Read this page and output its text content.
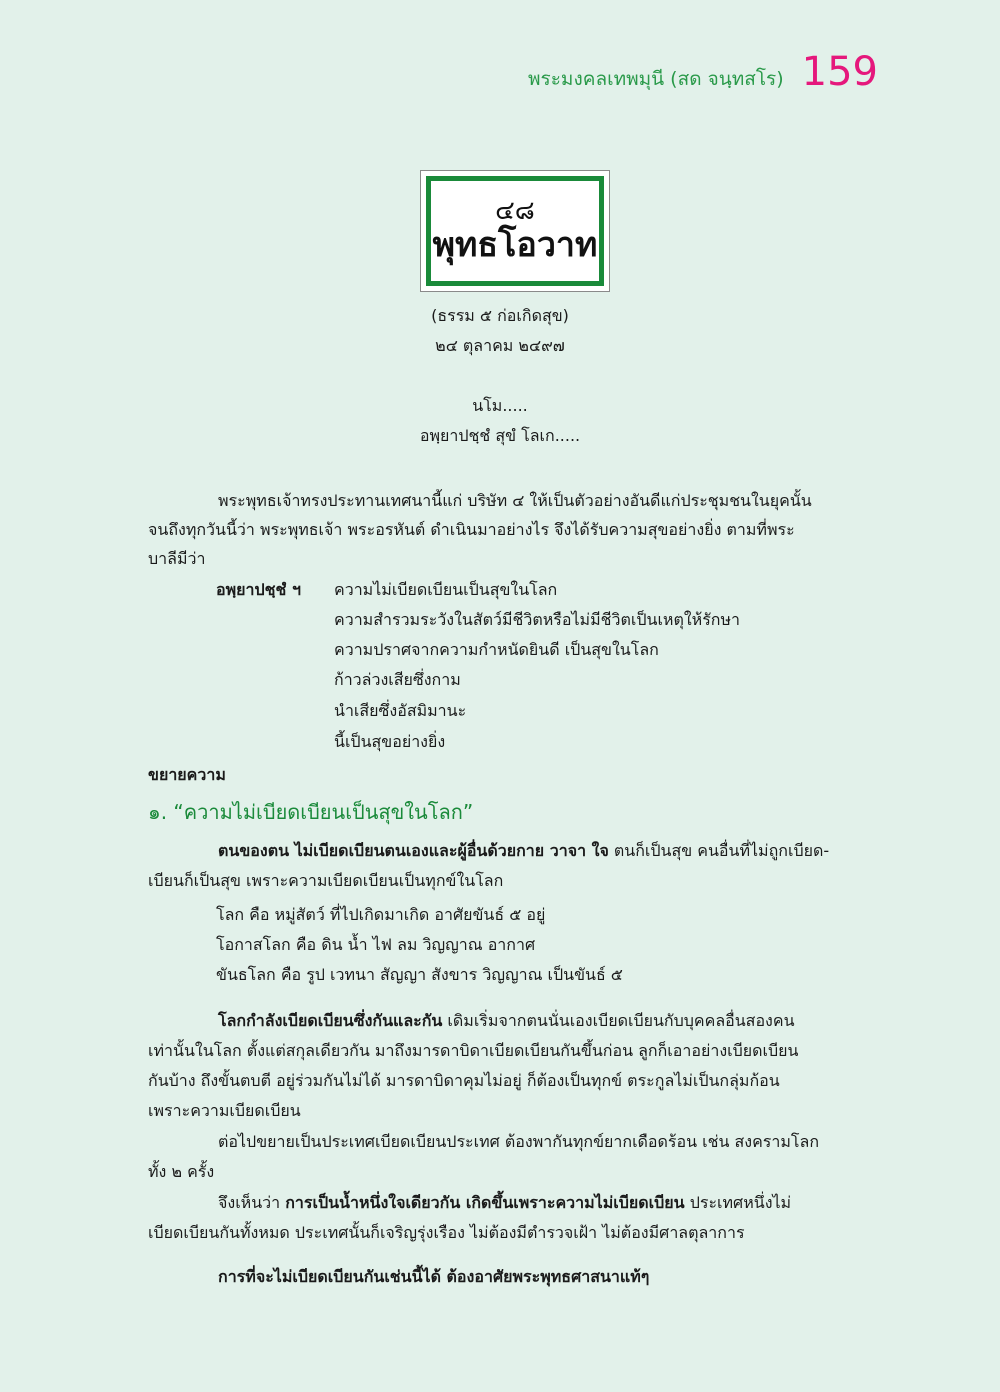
พระมงคลเทพมุนี (สด จนฺทสโร) 159
๔๘
พุทธโอวาท
(ธรรม ๕ ก่อเกิดสุข)
๒๔ ตุลาคม ๒๔๙๗
นโม.....
อพฺยาปชฺชํ สุขํ โลเก.....
พระพุทธเจ้าทรงประทานเทศนานี้แก่ บริษัท ๔ ให้เป็นตัวอย่างอันดีแก่ประชุมชนในยุคนั้น
จนถึงทุกวันนี้ว่า พระพุทธเจ้า พระอรหันต์ ดำเนินมาอย่างไร จึงได้รับความสุขอย่างยิ่ง ตามที่พระ
บาลีมีว่า
อพฺยาปชฺชํ ฯ ความไม่เบียดเบียนเป็นสุขในโลก
ความสำรวมระวังในสัตว์มีชีวิตหรือไม่มีชีวิตเป็นเหตุให้รักษา
ความปราศจากความกำหนัดยินดี เป็นสุขในโลก
ก้าวล่วงเสียซึ่งกาม
นำเสียซึ่งอัสมิมานะ
นี้เป็นสุขอย่างยิ่ง
ขยายความ
๑. “ความไม่เบียดเบียนเป็นสุขในโลก”
ตนของตน ไม่เบียดเบียนตนเองและผู้อื่นด้วยกาย วาจา ใจ ตนก็เป็นสุข คนอื่นที่ไม่ถูกเบียด-
เบียนก็เป็นสุข เพราะความเบียดเบียนเป็นทุกข์ในโลก
โลก คือ หมู่สัตว์ ที่ไปเกิดมาเกิด อาศัยขันธ์ ๕ อยู่
โอกาสโลก คือ ดิน น้ำ ไฟ ลม วิญญาณ อากาศ
ขันธโลก คือ รูป เวทนา สัญญา สังขาร วิญญาณ เป็นขันธ์ ๕
โลกกำลังเบียดเบียนซึ่งกันและกัน เดิมเริ่มจากตนนั่นเองเบียดเบียนกับบุคคลอื่นสองคน
เท่านั้นในโลก ตั้งแต่สกุลเดียวกัน มาถึงมารดาบิดาเบียดเบียนกันขึ้นก่อน ลูกก็เอาอย่างเบียดเบียน
กันบ้าง ถึงขั้นตบตี อยู่ร่วมกันไม่ได้ มารดาบิดาคุมไม่อยู่ ก็ต้องเป็นทุกข์ ตระกูลไม่เป็นกลุ่มก้อน
เพราะความเบียดเบียน
ต่อไปขยายเป็นประเทศเบียดเบียนประเทศ ต้องพากันทุกข์ยากเดือดร้อน เช่น สงครามโลก
ทั้ง ๒ ครั้ง
จึงเห็นว่า การเป็นน้ำหนึ่งใจเดียวกัน เกิดขึ้นเพราะความไม่เบียดเบียน ประเทศหนึ่งไม่
เบียดเบียนกันทั้งหมด ประเทศนั้นก็เจริญรุ่งเรือง ไม่ต้องมีตำรวจเฝ้า ไม่ต้องมีศาลตุลาการ
การที่จะไม่เบียดเบียนกันเช่นนี้ได้ ต้องอาศัยพระพุทธศาสนาแท้ๆ
